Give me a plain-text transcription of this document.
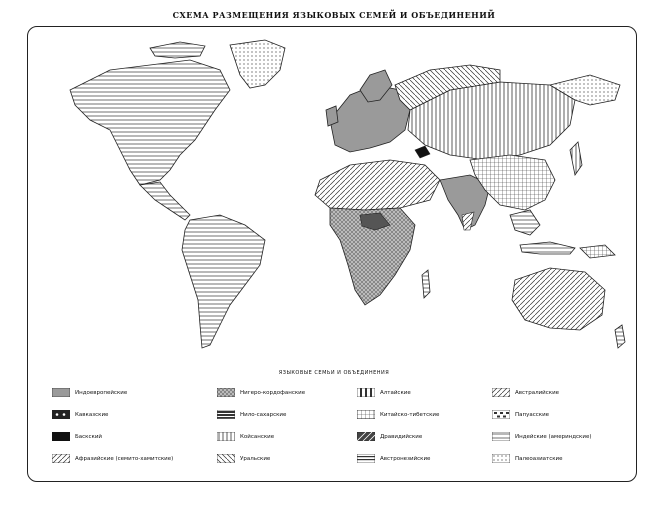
СХЕМА РАЗМЕЩЕНИЯ ЯЗЫКОВЫХ СЕМЕЙ И ОБЪЕДИНЕНИЙ
ЯЗЫКОВЫЕ СЕМЬИ И ОБЪЕДИНЕНИЯ
Индоевропейские
Кавказские
Баскский
Афразийские (семито-хамитские)
Нигеро-кордофанские
Нило-сахарские
Койсанские
Уральские
Алтайские
Китайско-тибетские
Дравидийские
Австронезийские
Австралийские
Папуасские
Индейские (америндские)
Палеоазиатские
